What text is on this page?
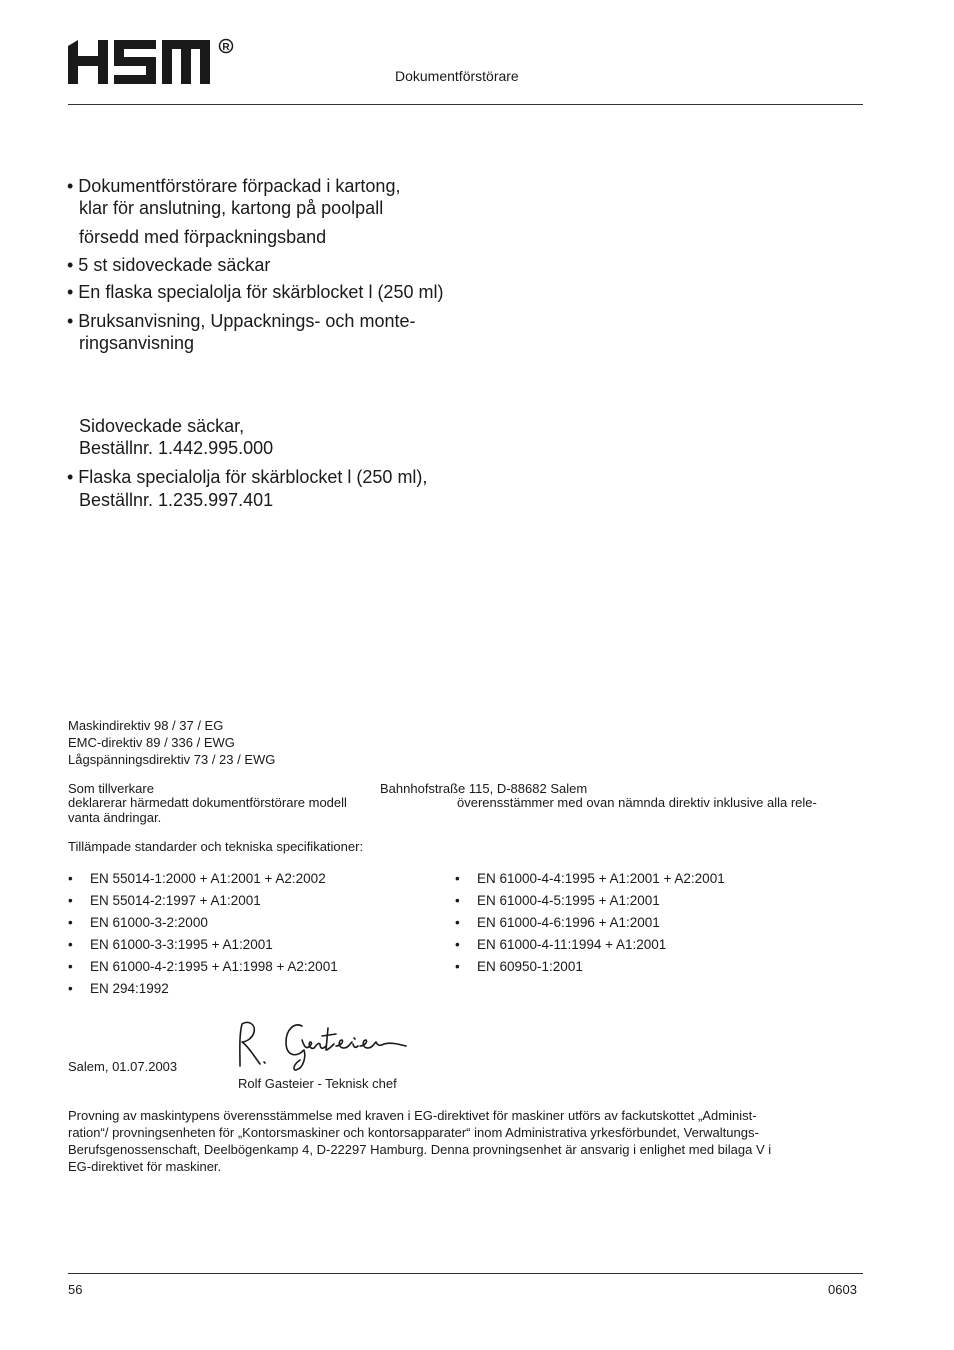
R
Dokumentförstörare
• Dokumentförstörare förpackad i kartong,
klar för anslutning, kartong på poolpall
försedd med förpackningsband
• 5 st sidoveckade säckar
• En flaska specialolja för skärblocket l (250 ml)
• Bruksanvisning, Uppacknings- och monte-
ringsanvisning
Sidoveckade säckar,
Beställnr. 1.442.995.000
• Flaska specialolja för skärblocket l (250 ml),
Beställnr. 1.235.997.401
Maskindirektiv 98 / 37 / EG
EMC-direktiv 89 / 336 / EWG
Lågspänningsdirektiv 73 / 23 / EWG
Som tillverkare	Bahnhofstraße 115, D-88682 Salem
deklarerar härmedatt dokumentförstörare modell	överensstämmer med ovan nämnda direktiv inklusive alla rele-
vanta ändringar.
Tillämpade standarder och tekniska specifikationer:
• EN 55014-1:2000 + A1:2001 + A2:2002
• EN 55014-2:1997 + A1:2001
• EN 61000-3-2:2000
• EN 61000-3-3:1995 + A1:2001
• EN 61000-4-2:1995 + A1:1998 + A2:2001
• EN 294:1992
• EN 61000-4-4:1995 + A1:2001 + A2:2001
• EN 61000-4-5:1995 + A1:2001
• EN 61000-4-6:1996 + A1:2001
• EN 61000-4-11:1994 + A1:2001
• EN 60950-1:2001
Salem, 01.07.2003
Rolf Gasteier - Teknisk chef
Provning av maskintypens överensstämmelse med kraven i EG-direktivet för maskiner utförs av fackutskottet „Administ-
ration“/ provningsenheten för „Kontorsmaskiner och kontorsapparater“ inom Administrativa yrkesförbundet, Verwaltungs-
Berufsgenossenschaft, Deelbögenkamp 4, D-22297 Hamburg. Denna provningsenhet är ansvarig i enlighet med bilaga V i
EG-direktivet för maskiner.
56	0603
